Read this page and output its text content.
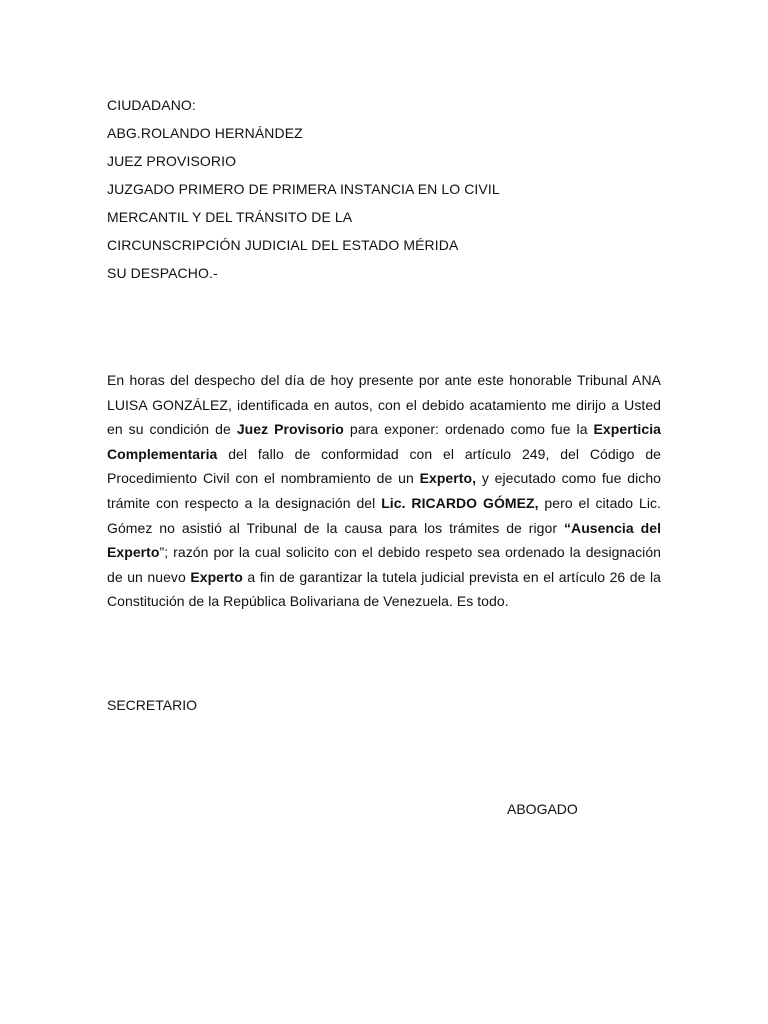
CIUDADANO:
ABG.ROLANDO HERNÁNDEZ
JUEZ PROVISORIO
JUZGADO PRIMERO DE PRIMERA INSTANCIA EN LO CIVIL
MERCANTIL Y DEL TRÁNSITO DE LA
CIRCUNSCRIPCIÓN JUDICIAL DEL ESTADO MÉRIDA
SU DESPACHO.-

En horas del despecho del día de hoy presente por ante este honorable Tribunal ANA LUISA GONZÁLEZ, identificada en autos, con el debido acatamiento me dirijo a Usted en su condición de Juez Provisorio para exponer: ordenado como fue la Experticia Complementaria del fallo de conformidad con el artículo 249, del Código de Procedimiento Civil con el nombramiento de un Experto, y ejecutado como fue dicho trámite con respecto a la designación del Lic. RICARDO GÓMEZ, pero el citado Lic. Gómez no asistió al Tribunal de la causa para los trámites de rigor “Ausencia del Experto”; razón por la cual solicito con el debido respeto sea ordenado la designación de un nuevo Experto a fin de garantizar la tutela judicial prevista en el artículo 26 de la Constitución de la República Bolivariana de Venezuela. Es todo.

SECRETARIO
ABOGADO
